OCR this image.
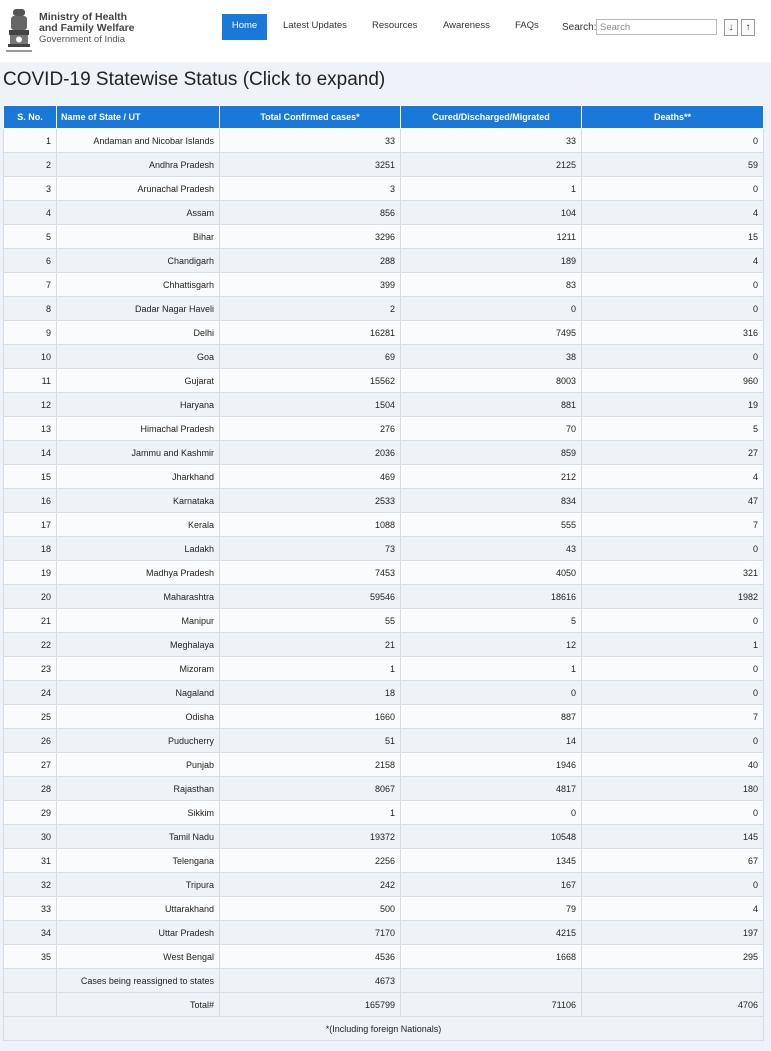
Ministry of Health
and Family Welfare
Government of India
Home	Latest Updates	Resources	Awareness	FAQs Search:
Search	↓	↑
COVID-19 Statewise Status (Click to expand)
S. No.	Name of State / UT	Total Confirmed cases*	Cured/Discharged/Migrated	Deaths**
1	Andaman and Nicobar Islands	33	33	0
2	Andhra Pradesh	3251	2125	59
3	Arunachal Pradesh	3	1	0
4	Assam	856	104	4
5	Bihar	3296	1211	15
6	Chandigarh	288	189	4
7	Chhattisgarh	399	83	0
8	Dadar Nagar Haveli	2	0	0
9	Delhi	16281	7495	316
10	Goa	69	38	0
11	Gujarat	15562	8003	960
12	Haryana	1504	881	19
13	Himachal Pradesh	276	70	5
14	Jammu and Kashmir	2036	859	27
15	Jharkhand	469	212	4
16	Karnataka	2533	834	47
17	Kerala	1088	555	7
18	Ladakh	73	43	0
19	Madhya Pradesh	7453	4050	321
20	Maharashtra	59546	18616	1982
21	Manipur	55	5	0
22	Meghalaya	21	12	1
23	Mizoram	1	1	0
24	Nagaland	18	0	0
25	Odisha	1660	887	7
26	Puducherry	51	14	0
27	Punjab	2158	1946	40
28	Rajasthan	8067	4817	180
29	Sikkim	1	0	0
30	Tamil Nadu	19372	10548	145
31	Telengana	2256	1345	67
32	Tripura	242	167	0
33	Uttarakhand	500	79	4
34	Uttar Pradesh	7170	4215	197
35	West Bengal	4536	1668	295
	Cases being reassigned to states	4673		
	Total#	165799	71106	4706
*(Including foreign Nationals)				
